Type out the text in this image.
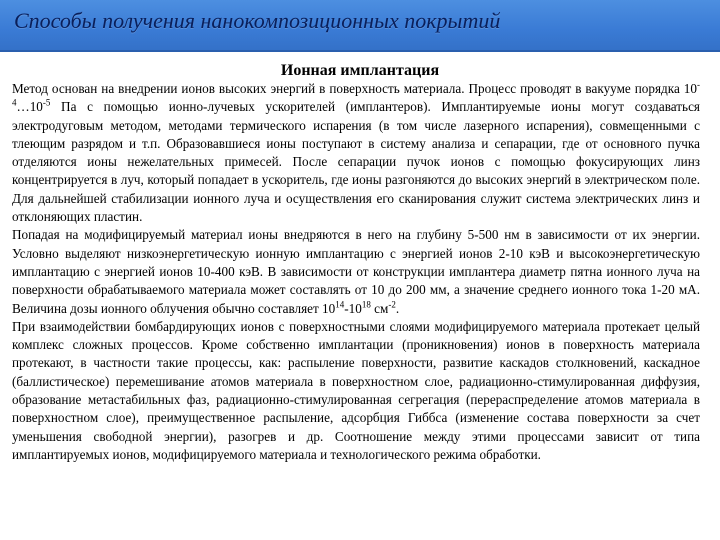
Способы получения нанокомпозиционных покрытий
Ионная имплантация

Метод основан на внедрении ионов высоких энергий в поверхность материала. Процесс проводят в вакууме порядка $10^{-4}\dots 10^{-5}$ Па с помощью ионно-лучевых ускорителей (имплантеров). Имплантируемые ионы могут создаваться электродуговым методом, методами термического испарения (в том числе лазерного испарения), совмещенными с тлеющим разрядом и т.п. Образовавшиеся ионы поступают в систему анализа и сепарации, где от основного пучка отделяются ионы нежелательных примесей. После сепарации пучок ионов с помощью фокусирующих линз концентрируется в луч, который попадает в ускоритель, где ионы разгоняются до высоких энергий в электрическом поле. Для дальнейшей стабилизации ионного луча и осуществления его сканирования служит система электрических линз и отклоняющих пластин.

Попадая на модифицируемый материал ионы внедряются в него на глубину 5-500 нм в зависимости от их энергии. Условно выделяют низкоэнергетическую ионную имплантацию с энергией ионов 2-10 кэВ и высокоэнергетическую имплантацию с энергией ионов 10-400 кэВ. В зависимости от конструкции имплантера диаметр пятна ионного луча на поверхности обрабатываемого материала может составлять от 10 до 200 мм, а значение среднего ионного тока 1-20 мА. Величина дозы ионного облучения обычно составляет $10^{14}-10^{18}$ $см^{-2}$.

При взаимодействии бомбардирующих ионов с поверхностными слоями модифицируемого материала протекает целый комплекс сложных процессов. Кроме собственно имплантации (проникновения) ионов в поверхность материала протекают, в частности такие процессы, как: распыление поверхности, развитие каскадов столкновений, каскадное (баллистическое) перемешивание атомов материала в поверхностном слое, радиационно-стимулированная диффузия, образование метастабильных фаз, радиационно-стимулированная сегрегация (перераспределение атомов материала в поверхностном слое), преимущественное распыление, адсорбция Гиббса (изменение состава поверхности за счет уменьшения свободной энергии), разогрев и др. Соотношение между этими процессами зависит от типа имплантируемых ионов, модифицируемого материала и технологического режима обработки.
